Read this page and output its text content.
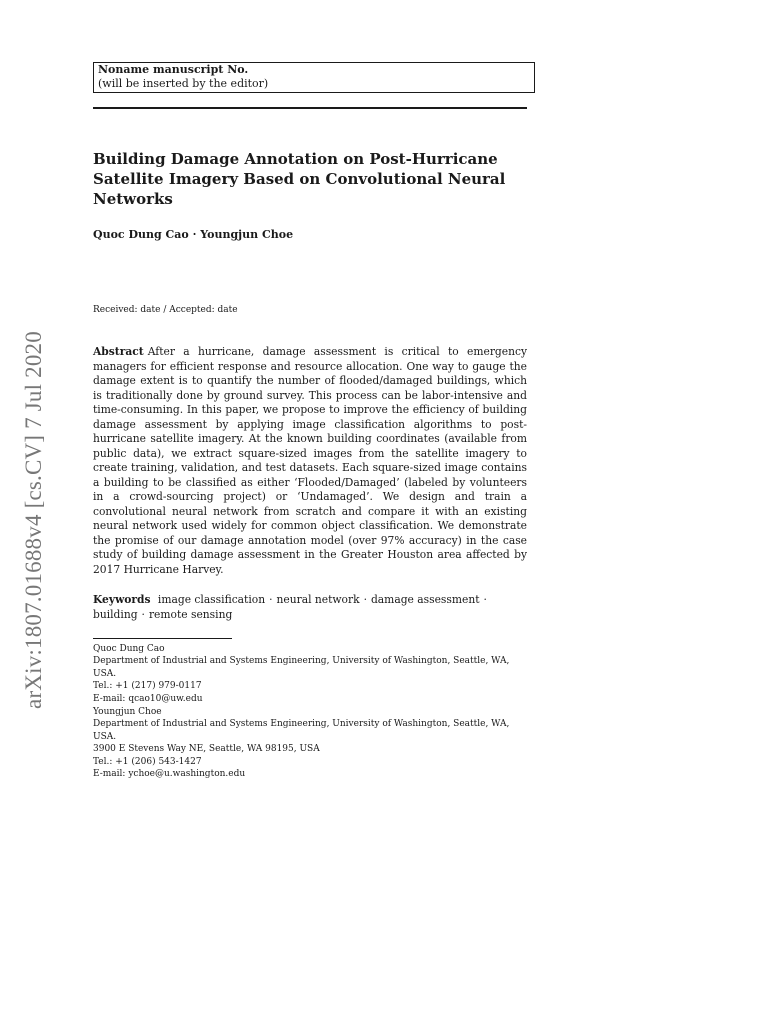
arXiv:1807.01688v4 [cs.CV] 7 Jul 2020
Noname manuscript No.
(will be inserted by the editor)
Building Damage Annotation on Post-Hurricane Satellite Imagery Based on Convolutional Neural Networks
Quoc Dung Cao · Youngjun Choe
Received: date / Accepted: date
Abstract After a hurricane, damage assessment is critical to emergency managers for efficient response and resource allocation. One way to gauge the damage extent is to quantify the number of flooded/damaged buildings, which is traditionally done by ground survey. This process can be labor-intensive and time-consuming. In this paper, we propose to improve the efficiency of building damage assessment by applying image classification algorithms to post-hurricane satellite imagery. At the known building coordinates (available from public data), we extract square-sized images from the satellite imagery to create training, validation, and test datasets. Each square-sized image contains a building to be classified as either ‘Flooded/Damaged’ (labeled by volunteers in a crowd-sourcing project) or ‘Undamaged’. We design and train a convolutional neural network from scratch and compare it with an existing neural network used widely for common object classification. We demonstrate the promise of our damage annotation model (over 97% accuracy) in the case study of building damage assessment in the Greater Houston area affected by 2017 Hurricane Harvey.
Keywords image classification · neural network · damage assessment ·
building · remote sensing
Quoc Dung Cao
Department of Industrial and Systems Engineering, University of Washington, Seattle, WA,
USA.
Tel.: +1 (217) 979-0117
E-mail: qcao10@uw.edu
Youngjun Choe
Department of Industrial and Systems Engineering, University of Washington, Seattle, WA,
USA.
3900 E Stevens Way NE, Seattle, WA 98195, USA
Tel.: +1 (206) 543-1427
E-mail: ychoe@u.washington.edu
